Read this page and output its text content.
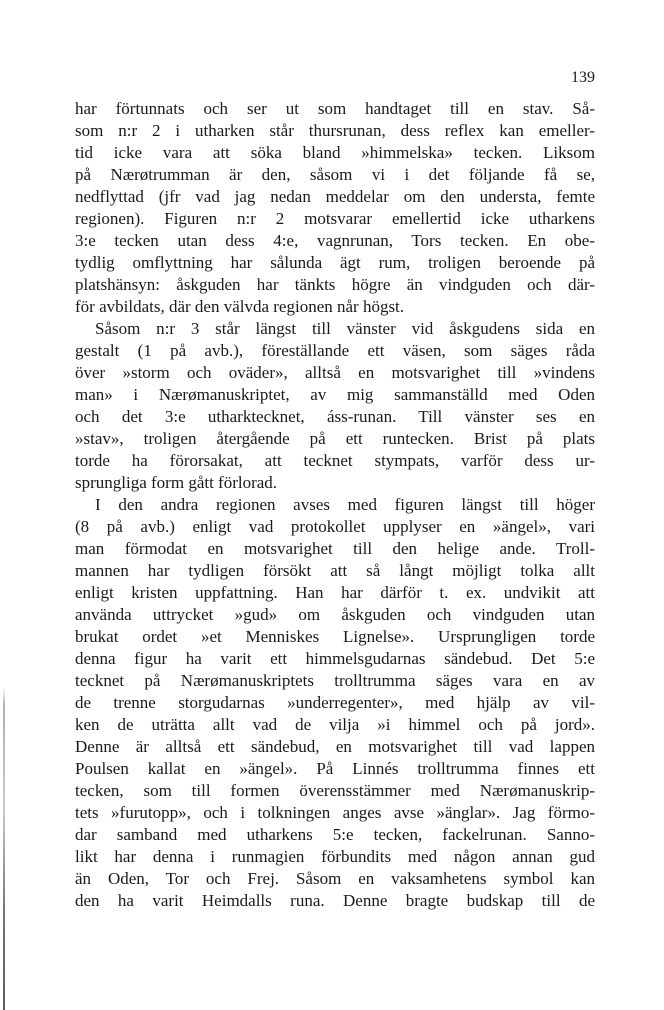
139
har förtunnats och ser ut som handtaget till en stav. Så-
som n:r 2 i utharken står thursrunan, dess reflex kan emeller-
tid icke vara att söka bland »himmelska» tecken. Liksom
på Nærøtrumman är den, såsom vi i det följande få se,
nedflyttad (jfr vad jag nedan meddelar om den understa, femte
regionen). Figuren n:r 2 motsvarar emellertid icke utharkens
3:e tecken utan dess 4:e, vagnrunan, Tors tecken. En obe-
tydlig omflyttning har sålunda ägt rum, troligen beroende på
platshänsyn: åskguden har tänkts högre än vindguden och där-
för avbildats, där den välvda regionen når högst.
Såsom n:r 3 står längst till vänster vid åskgudens sida en
gestalt (1 på avb.), föreställande ett väsen, som säges råda
över »storm och oväder», alltså en motsvarighet till »vindens
man» i Nærømanuskriptet, av mig sammanställd med Oden
och det 3:e utharktecknet, áss-runan. Till vänster ses en
»stav», troligen återgående på ett runtecken. Brist på plats
torde ha förorsakat, att tecknet stympats, varför dess ur-
sprungliga form gått förlorad.
I den andra regionen avses med figuren längst till höger
(8 på avb.) enligt vad protokollet upplyser en »ängel», vari
man förmodat en motsvarighet till den helige ande. Troll-
mannen har tydligen försökt att så långt möjligt tolka allt
enligt kristen uppfattning. Han har därför t. ex. undvikit att
använda uttrycket »gud» om åskguden och vindguden utan
brukat ordet »et Menniskes Lignelse». Ursprungligen torde
denna figur ha varit ett himmelsgudarnas sändebud. Det 5:e
tecknet på Nærømanuskriptets trolltrumma säges vara en av
de trenne storgudarnas »underregenter», med hjälp av vil-
ken de uträtta allt vad de vilja »i himmel och på jord».
Denne är alltså ett sändebud, en motsvarighet till vad lappen
Poulsen kallat en »ängel». På Linnés trolltrumma finnes ett
tecken, som till formen överensstämmer med Nærømanuskrip-
tets »furutopp», och i tolkningen anges avse »änglar». Jag förmo-
dar samband med utharkens 5:e tecken, fackelrunan. Sanno-
likt har denna i runmagien förbundits med någon annan gud
än Oden, Tor och Frej. Såsom en vaksamhetens symbol kan
den ha varit Heimdalls runa. Denne bragte budskap till de
